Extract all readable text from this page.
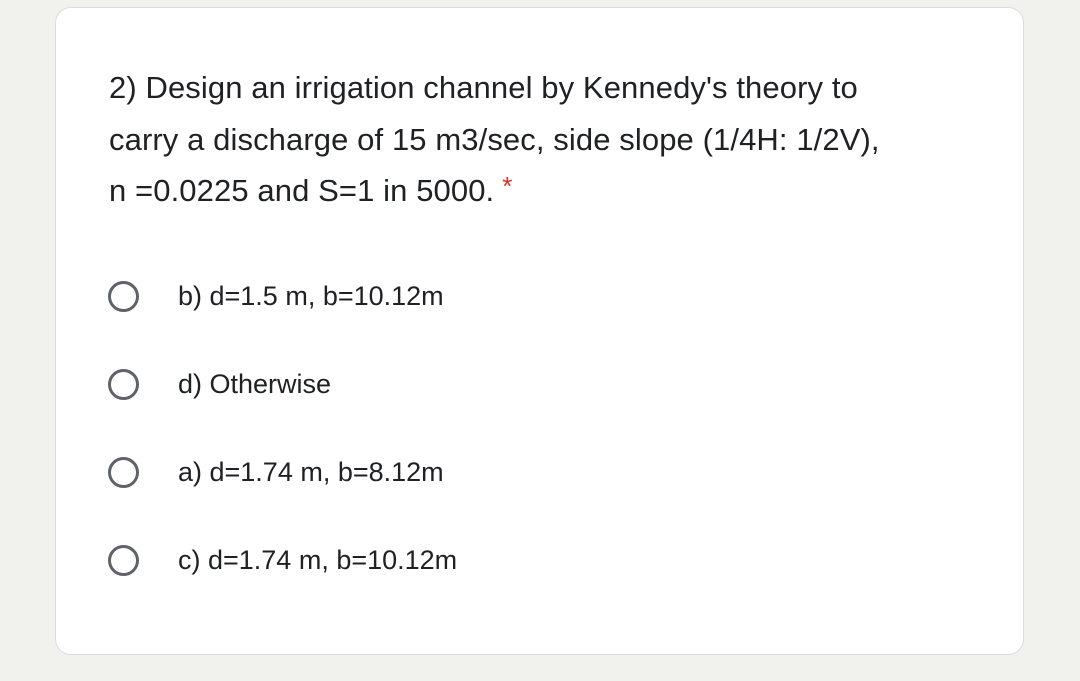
2) Design an irrigation channel by Kennedy's theory to
carry a discharge of 15 m3/sec, side slope (1/4H: 1/2V),
n =0.0225 and S=1 in 5000. *
b) d=1.5 m, b=10.12m
d) Otherwise
a) d=1.74 m, b=8.12m
c) d=1.74 m, b=10.12m
